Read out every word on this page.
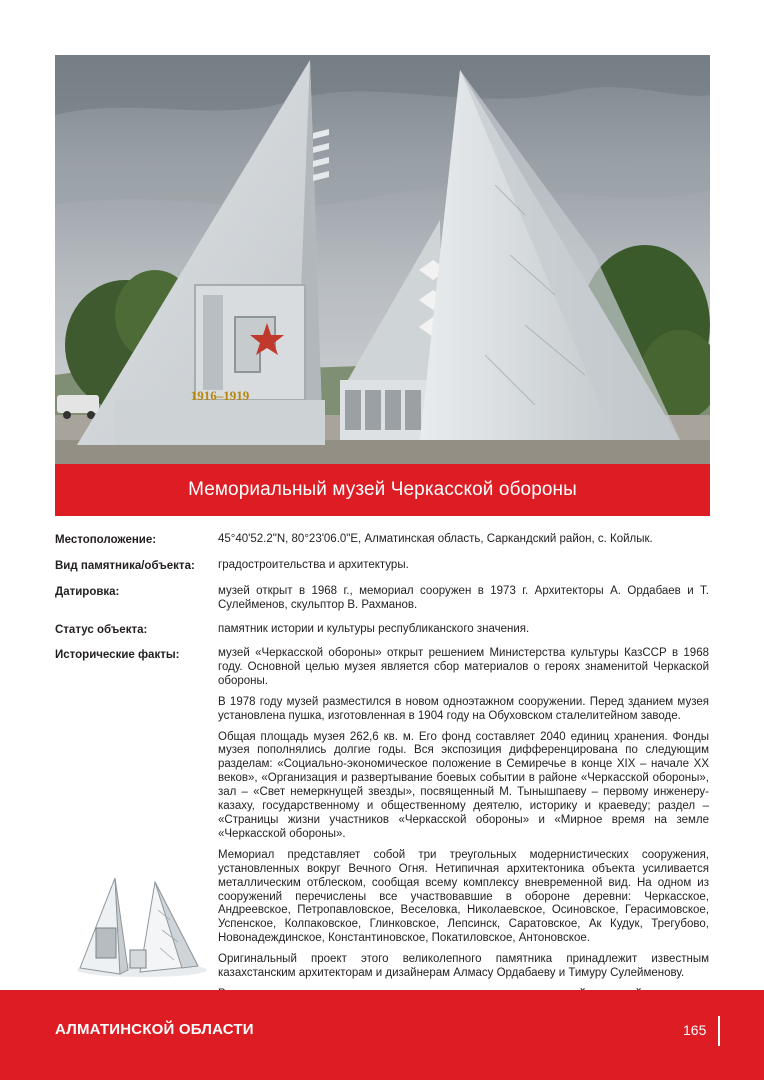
1916–1919
Мемориальный музей Черкасской обороны
Местоположение:	45°40'52.2"N, 80°23'06.0"E, Алматинская область, Саркандский район, с. Койлык.
Вид памятника/объекта:	градостроительства и архитектуры.
Датировка:	музей открыт в 1968 г., мемориал сооружен в 1973 г. Архитекторы А. Ордабаев и Т. Сулейменов, скульптор В. Рахманов.
Статус объекта:	памятник истории и культуры республиканского значения.
Исторические факты:	музей «Черкасской обороны» открыт решением Министерства культуры КазССР в 1968 году. Основной целью музея является сбор материалов о героях знаменитой Черкаской обороны.

В 1978 году музей разместился в новом одноэтажном сооружении. Перед зданием музея установлена пушка, изготовленная в 1904 году на Обуховском сталелитейном заводе.

Общая площадь музея 262,6 кв. м. Его фонд составляет 2040 единиц хранения. Фонды музея пополнялись долгие годы. Вся экспозиция дифференцирована по следующим разделам: «Социально-экономическое положение в Семиречье в конце XIX – начале XX веков», «Организация и развертывание боевых событии в районе «Черкасской обороны», зал – «Свет немеркнущей звезды», посвященный М. Тынышпаеву – первому инженеру-казаху, государственному и общественному деятелю, историку и краеведу; раздел – «Страницы жизни участников «Черкасской обороны» и «Мирное время на земле «Черкасской обороны».

Мемориал представляет собой три треугольных модернистических сооружения, установленных вокруг Вечного Огня. Нетипичная архитектоника объекта усиливается металлическим отблеском, сообщая всему комплексу вневременной вид. На одном из сооружений перечислены все участвовавшие в обороне деревни: Черкасское, Андреевское, Петропавловское, Веселовка, Николаевское, Осиновское, Герасимовское, Успенское, Колпаковское, Глинковское, Лепсинск, Саратовское, Ак Кудук, Трегубово, Новонадеждинское, Константиновское, Покатиловское, Антоновское.

Оригинальный проект этого великолепного памятника принадлежит известным казахстанским архитекторам и дизайнерам Алмасу Ордабаеву и Тимуру Сулейменову.

АЛМАТИНСКОЙ ОБЛАСТИ	165
